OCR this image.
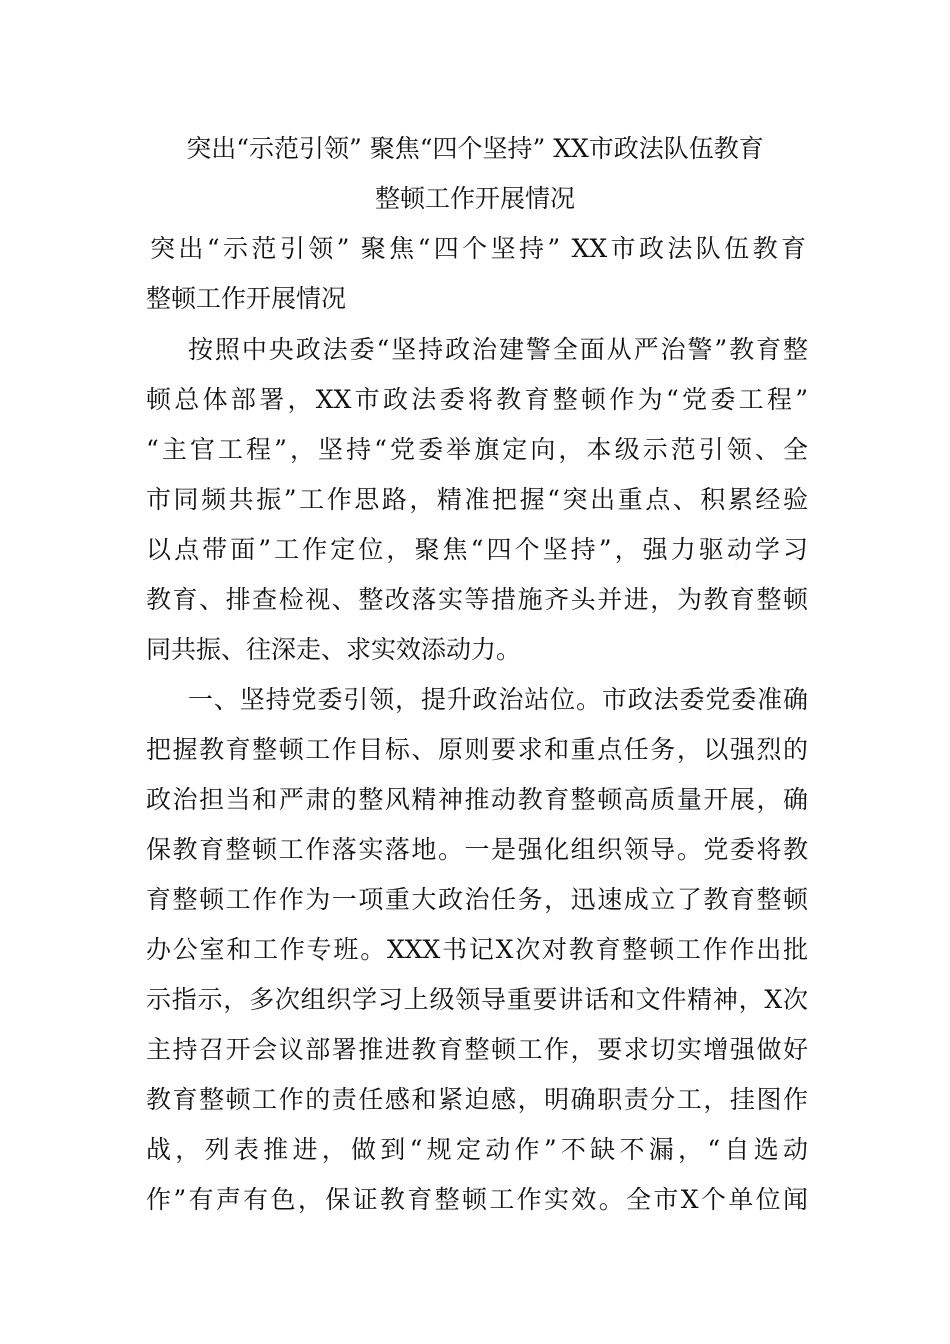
突出“示范引领” 聚焦“四个坚持” XX市政法队伍教育
整顿工作开展情况
突出“示范引领” 聚焦“四个坚持” XX市政法队伍教育
整顿工作开展情况
按照中央政法委“坚持政治建警全面从严治警”教育整
顿总体部署，XX市政法委将教育整顿作为“党委工程”
“主官工程”，坚持“党委举旗定向，本级示范引领、全
市同频共振”工作思路，精准把握“突出重点、积累经验
以点带面”工作定位，聚焦“四个坚持”，强力驱动学习
教育、排查检视、整改落实等措施齐头并进，为教育整顿
同共振、往深走、求实效添动力。
一、坚持党委引领，提升政治站位。市政法委党委准确
把握教育整顿工作目标、原则要求和重点任务，以强烈的
政治担当和严肃的整风精神推动教育整顿高质量开展，确
保教育整顿工作落实落地。一是强化组织领导。党委将教
育整顿工作作为一项重大政治任务，迅速成立了教育整顿
办公室和工作专班。XXX书记X次对教育整顿工作作出批
示指示，多次组织学习上级领导重要讲话和文件精神，X次
主持召开会议部署推进教育整顿工作，要求切实增强做好
教育整顿工作的责任感和紧迫感，明确职责分工，挂图作
战，列表推进，做到“规定动作”不缺不漏，“自选动
作”有声有色，保证教育整顿工作实效。全市X个单位闻
